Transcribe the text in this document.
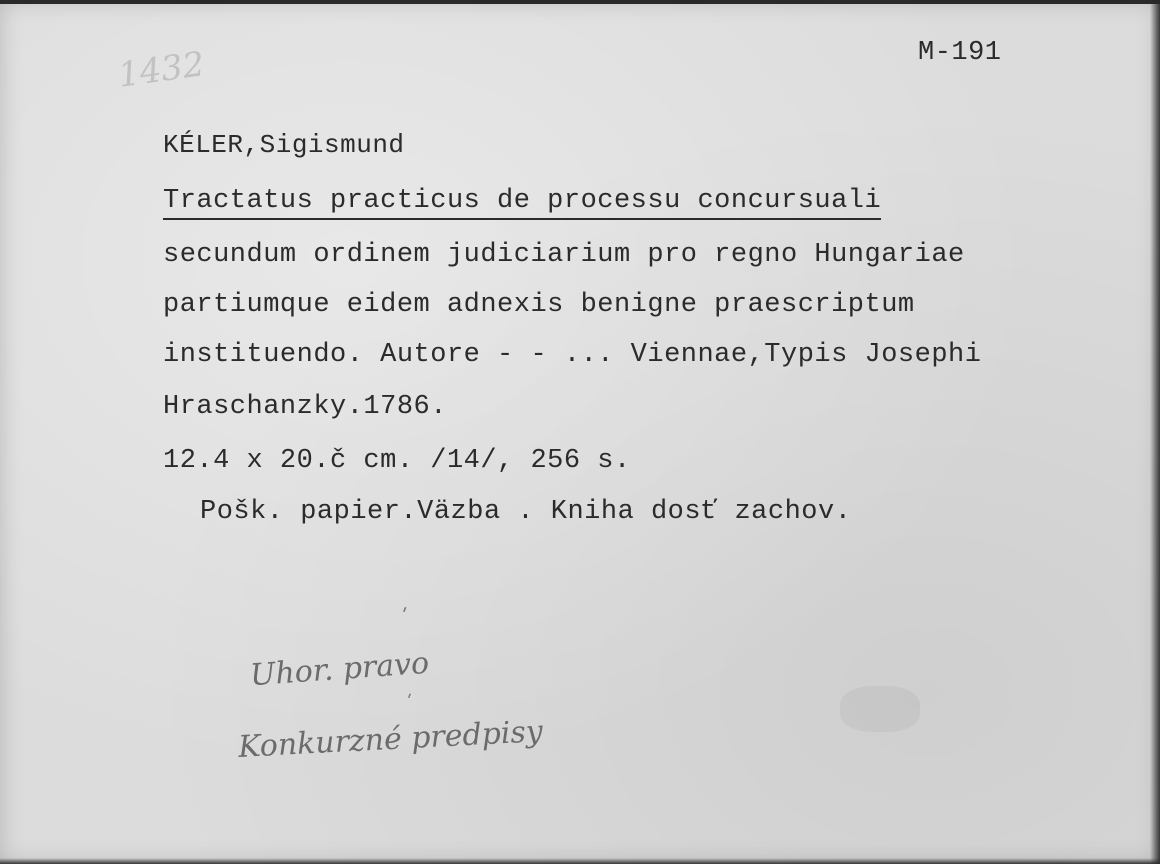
1432	M-191
KÉLER,Sigismund
Tractatus practicus de processu concursuali
secundum ordinem judiciarium pro regno Hungariae
partiumque eidem adnexis benigne praescriptum
instituendo. Autore - - ... Viennae,Typis Josephi
Hraschanzky.1786.
12.4 x 20.č cm. /14/, 256 s.
Pošk. papier.Väzba . Kniha dosť zachov.
ʹ
Uhor. pravo
ʹ
Konkurzné predpisy
